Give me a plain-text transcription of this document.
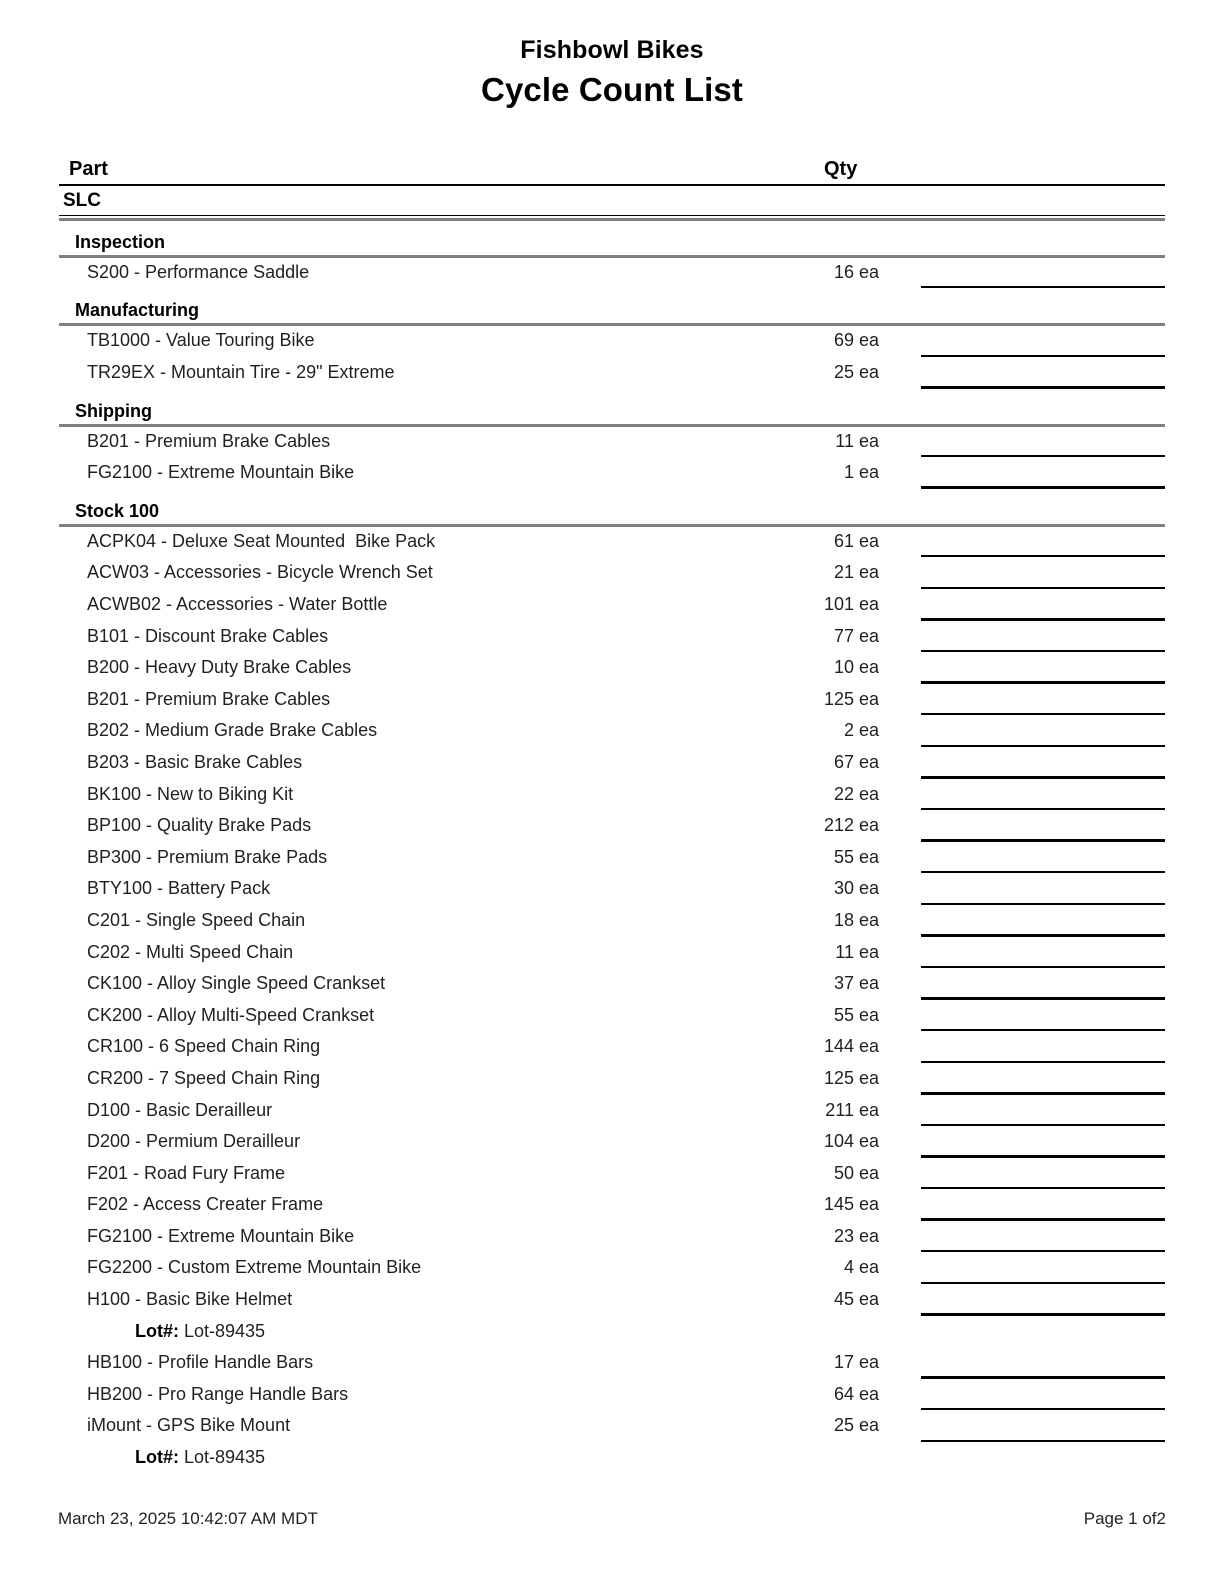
Fishbowl Bikes
Cycle Count List
Part	Qty
SLC
Inspection
S200 - Performance Saddle	16 ea
Manufacturing
TB1000 - Value Touring Bike	69 ea
TR29EX - Mountain Tire - 29" Extreme	25 ea
Shipping
B201 - Premium Brake Cables	11 ea
FG2100 - Extreme Mountain Bike	1 ea
Stock 100
ACPK04 - Deluxe Seat Mounted  Bike Pack	61 ea
ACW03 - Accessories - Bicycle Wrench Set	21 ea
ACWB02 - Accessories - Water Bottle	101 ea
B101 - Discount Brake Cables	77 ea
B200 - Heavy Duty Brake Cables	10 ea
B201 - Premium Brake Cables	125 ea
B202 - Medium Grade Brake Cables	2 ea
B203 - Basic Brake Cables	67 ea
BK100 - New to Biking Kit	22 ea
BP100 - Quality Brake Pads	212 ea
BP300 - Premium Brake Pads	55 ea
BTY100 - Battery Pack	30 ea
C201 - Single Speed Chain	18 ea
C202 - Multi Speed Chain	11 ea
CK100 - Alloy Single Speed Crankset	37 ea
CK200 - Alloy Multi-Speed Crankset	55 ea
CR100 - 6 Speed Chain Ring	144 ea
CR200 - 7 Speed Chain Ring	125 ea
D100 - Basic Derailleur	211 ea
D200 - Permium Derailleur	104 ea
F201 - Road Fury Frame	50 ea
F202 - Access Creater Frame	145 ea
FG2100 - Extreme Mountain Bike	23 ea
FG2200 - Custom Extreme Mountain Bike	4 ea
H100 - Basic Bike Helmet	45 ea
Lot#: Lot-89435
HB100 - Profile Handle Bars	17 ea
HB200 - Pro Range Handle Bars	64 ea
iMount - GPS Bike Mount	25 ea
Lot#: Lot-89435
March 23, 2025 10:42:07 AM MDT	Page 1 of2
